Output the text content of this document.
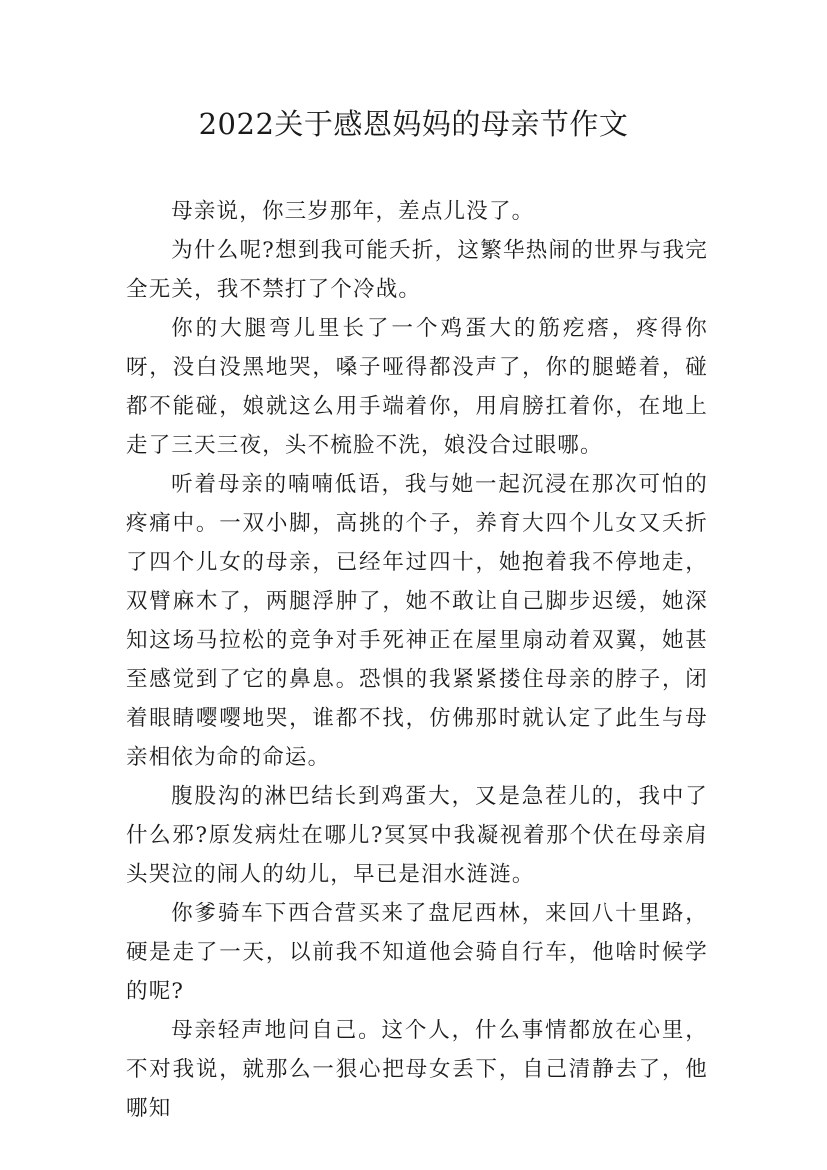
2022关于感恩妈妈的母亲节作文

母亲说，你三岁那年，差点儿没了。

为什么呢?想到我可能夭折，这繁华热闹的世界与我完全无关，我不禁打了个冷战。

你的大腿弯儿里长了一个鸡蛋大的筋疙瘩，疼得你呀，没白没黑地哭，嗓子哑得都没声了，你的腿蜷着，碰都不能碰，娘就这么用手端着你，用肩膀扛着你，在地上走了三天三夜，头不梳脸不洗，娘没合过眼哪。

听着母亲的喃喃低语，我与她一起沉浸在那次可怕的疼痛中。一双小脚，高挑的个子，养育大四个儿女又夭折了四个儿女的母亲，已经年过四十，她抱着我不停地走，双臂麻木了，两腿浮肿了，她不敢让自己脚步迟缓，她深知这场马拉松的竞争对手死神正在屋里扇动着双翼，她甚至感觉到了它的鼻息。恐惧的我紧紧搂住母亲的脖子，闭着眼睛嘤嘤地哭，谁都不找，仿佛那时就认定了此生与母亲相依为命的命运。

腹股沟的淋巴结长到鸡蛋大，又是急茬儿的，我中了什么邪?原发病灶在哪儿?冥冥中我凝视着那个伏在母亲肩头哭泣的闹人的幼儿，早已是泪水涟涟。

你爹骑车下西合营买来了盘尼西林，来回八十里路，硬是走了一天，以前我不知道他会骑自行车，他啥时候学的呢?

母亲轻声地问自己。这个人，什么事情都放在心里，不对我说，就那么一狠心把母女丢下，自己清静去了，他哪知
